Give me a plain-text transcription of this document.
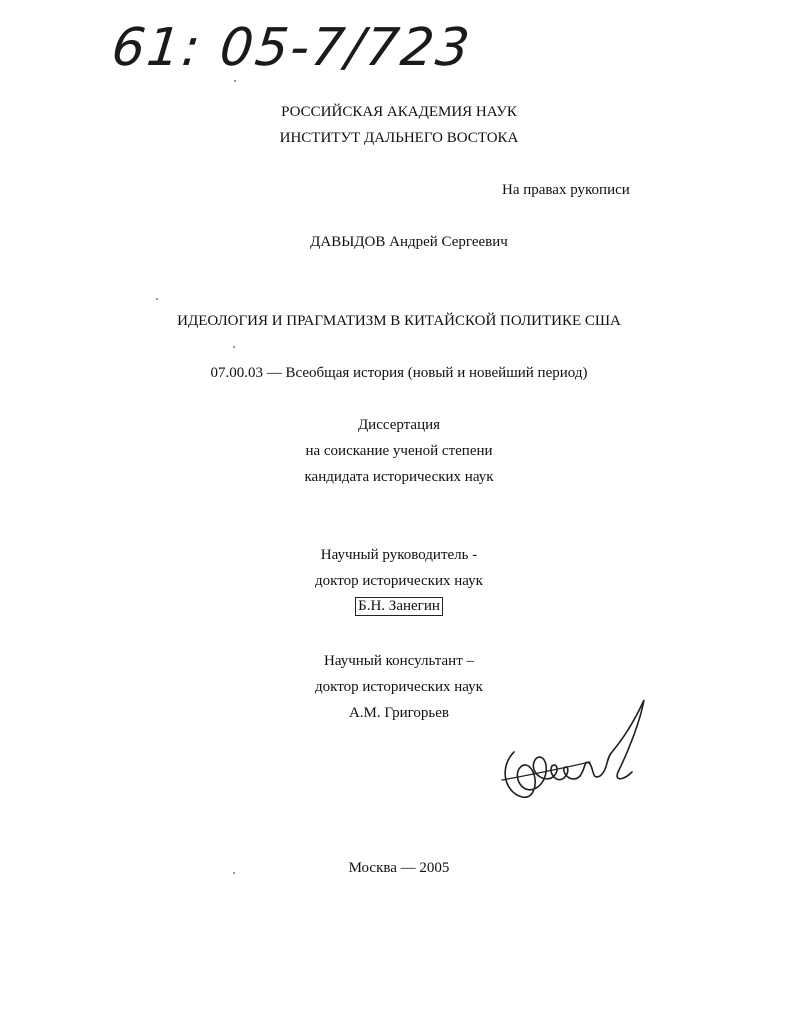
61: 05-7/723
РОССИЙСКАЯ АКАДЕМИЯ НАУК
ИНСТИТУТ ДАЛЬНЕГО ВОСТОКА
На правах рукописи
ДАВЫДОВ Андрей Сергеевич
ИДЕОЛОГИЯ И ПРАГМАТИЗМ В КИТАЙСКОЙ ПОЛИТИКЕ США
07.00.03 — Всеобщая история (новый и новейший период)
Диссертация
на соискание ученой степени
кандидата исторических наук
Научный руководитель -
доктор исторических наук
Б.Н. Занегин
Научный консультант –
доктор исторических наук
А.М. Григорьев
Москва — 2005
